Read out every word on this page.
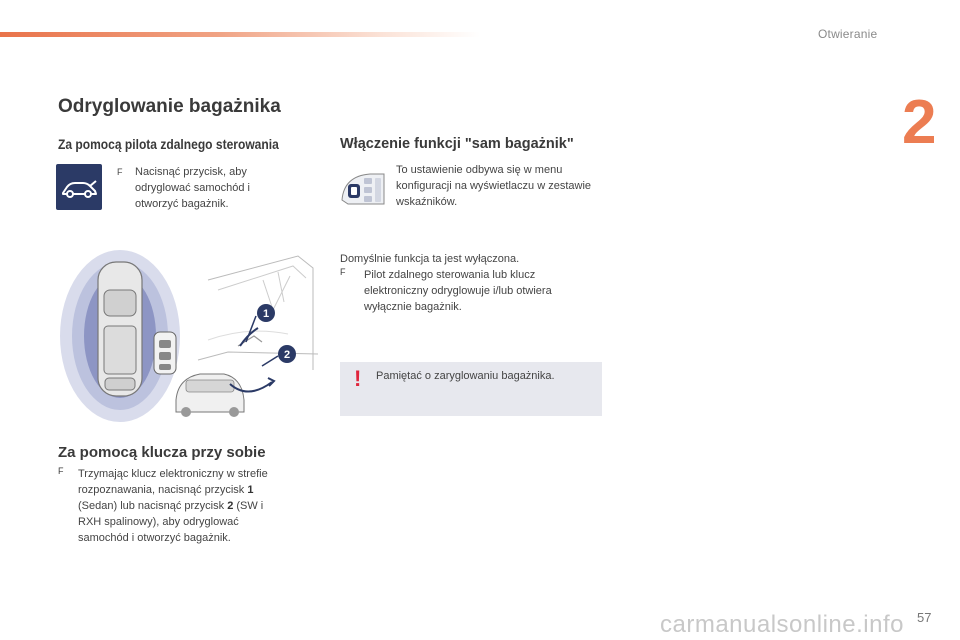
Otwieranie
2
Odryglowanie bagażnika
Za pomocą pilota zdalnego sterowania
F	Nacisnąć przycisk, aby odryglować samochód i otworzyć bagażnik.

1
2
Za pomocą klucza przy sobie
F	Trzymając klucz elektroniczny w strefie rozpoznawania, nacisnąć przycisk 1 (Sedan) lub nacisnąć przycisk 2 (SW i RXH spalinowy), aby odryglować samochód i otworzyć bagażnik.

Włączenie funkcji "sam bagażnik"

To ustawienie odbywa się w menu konfiguracji na wyświetlaczu w zestawie wskaźników.

Domyślnie funkcja ta jest wyłączona.

F	Pilot zdalnego sterowania lub klucz elektroniczny odryglowuje i/lub otwiera wyłącznie bagażnik.

! Pamiętać o zaryglowaniu bagażnika.

carmanualsonline.info 57
